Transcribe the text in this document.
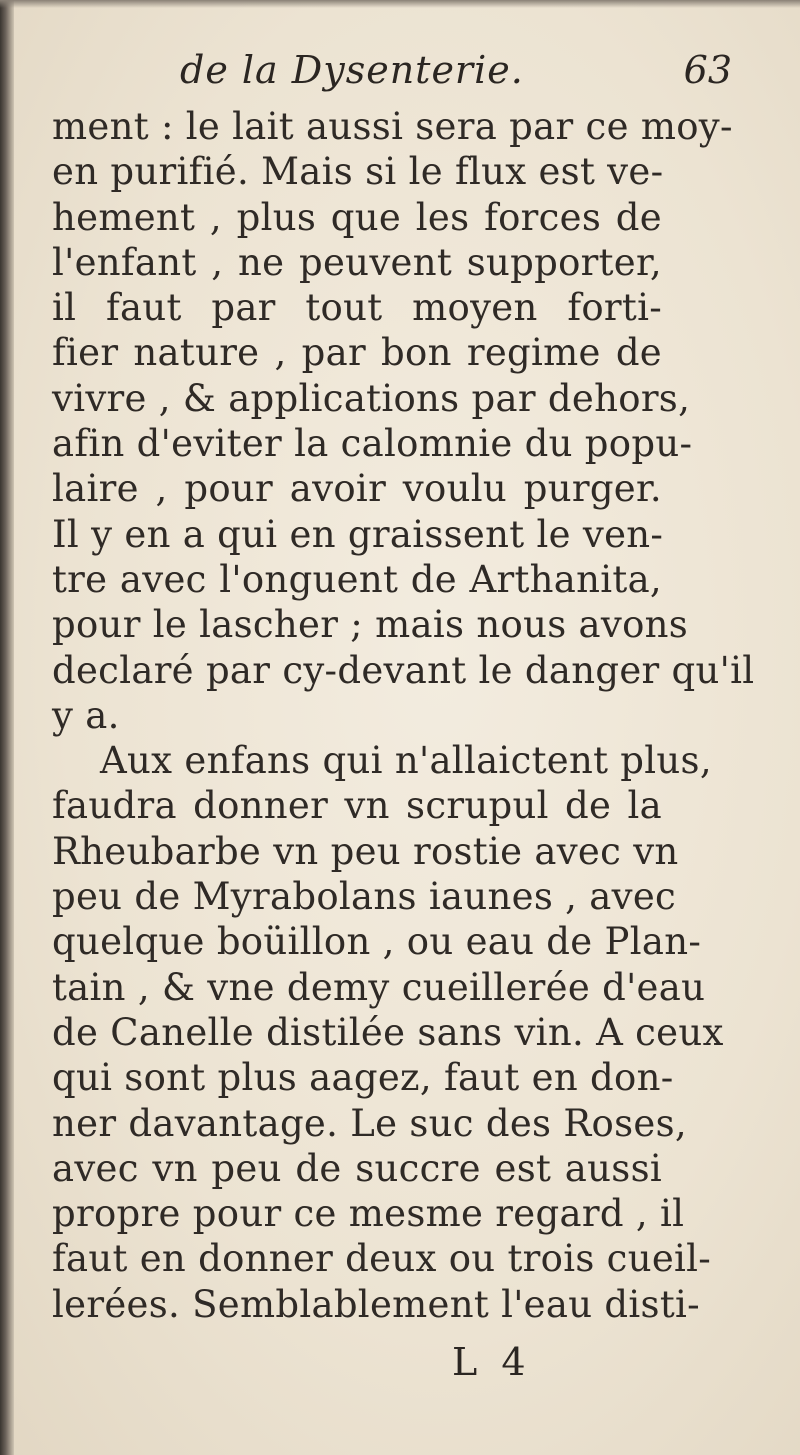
de la Dysenterie.	63
ment : le lait aussi sera par ce moy-
en purifié. Mais si le flux est ve-
hement , plus que les forces de
l'enfant , ne peuvent supporter,
il faut par tout moyen forti-
fier nature , par bon regime de
vivre , & applications par dehors,
afin d'eviter la calomnie du popu-
laire , pour avoir voulu purger.
Il y en a qui en graissent le ven-
tre avec l'onguent de Arthanita,
pour le lascher ; mais nous avons
declaré par cy-devant le danger qu'il
y a.
Aux enfans qui n'allaictent plus,
faudra donner vn scrupul de la
Rheubarbe vn peu rostie avec vn
peu de Myrabolans iaunes , avec
quelque boüillon , ou eau de Plan-
tain , & vne demy cueillerée d'eau
de Canelle distilée sans vin. A ceux
qui sont plus aagez, faut en don-
ner davantage. Le suc des Roses,
avec vn peu de succre est aussi
propre pour ce mesme regard , il
faut en donner deux ou trois cueil-
lerées. Semblablement l'eau disti-
L 4
